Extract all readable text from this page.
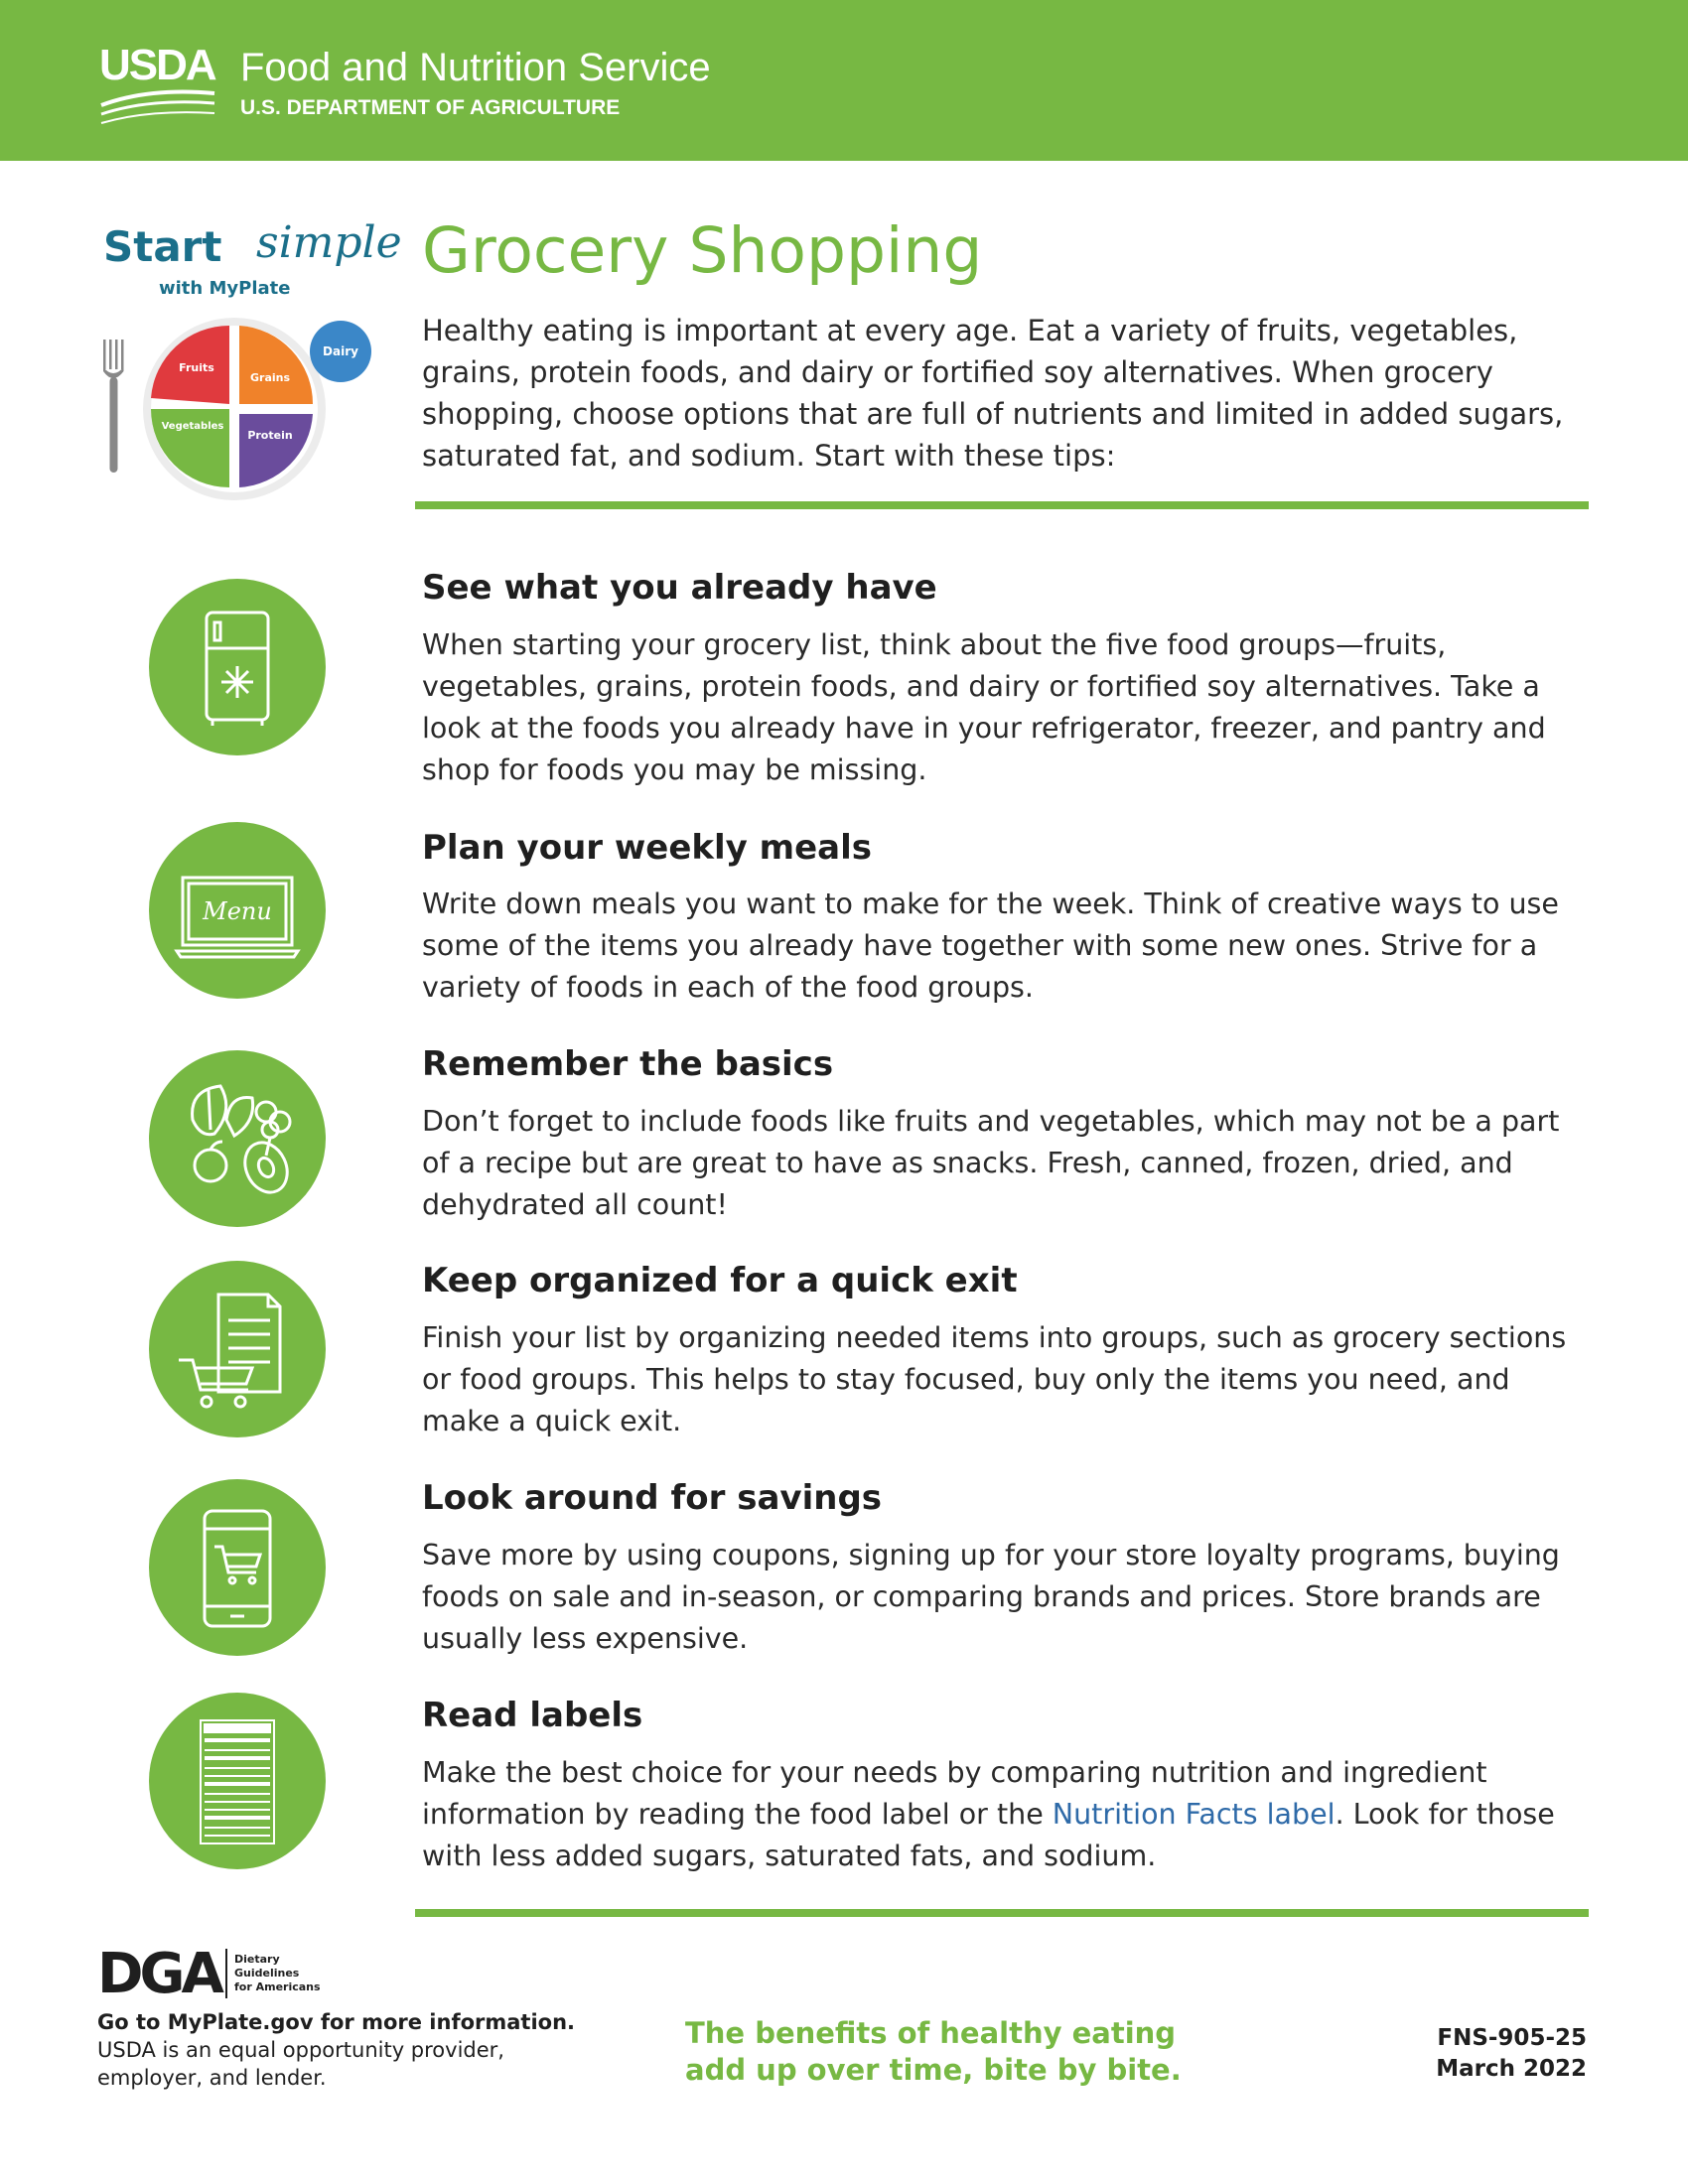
USDA Food and Nutrition Service
U.S. DEPARTMENT OF AGRICULTURE
Start simple
with MyPlate
Fruits
Grains
Vegetables
Protein
Dairy
Grocery Shopping

Healthy eating is important at every age. Eat a variety of fruits, vegetables, grains, protein foods, and dairy or fortified soy alternatives. When grocery shopping, choose options that are full of nutrients and limited in added sugars, saturated fat, and sodium. Start with these tips:

See what you already have

When starting your grocery list, think about the five food groups—fruits, vegetables, grains, protein foods, and dairy or fortified soy alternatives. Take a look at the foods you already have in your refrigerator, freezer, and pantry and shop for foods you may be missing.

Menu
Plan your weekly meals

Write down meals you want to make for the week. Think of creative ways to use some of the items you already have together with some new ones. Strive for a variety of foods in each of the food groups.

Remember the basics

Don’t forget to include foods like fruits and vegetables, which may not be a part of a recipe but are great to have as snacks. Fresh, canned, frozen, dried, and dehydrated all count!

Keep organized for a quick exit

Finish your list by organizing needed items into groups, such as grocery sections or food groups. This helps to stay focused, buy only the items you need, and make a quick exit.

Look around for savings

Save more by using coupons, signing up for your store loyalty programs, buying foods on sale and in-season, or comparing brands and prices. Store brands are usually less expensive.

Read labels

Make the best choice for your needs by comparing nutrition and ingredient information by reading the food label or the Nutrition Facts label. Look for those with less added sugars, saturated fats, and sodium.

DGA	Dietary
Guidelines
for Americans
Go to MyPlate.gov for more information.
USDA is an equal opportunity provider,
employer, and lender.
The benefits of healthy eating
add up over time, bite by bite.
FNS-905-25
March 2022
